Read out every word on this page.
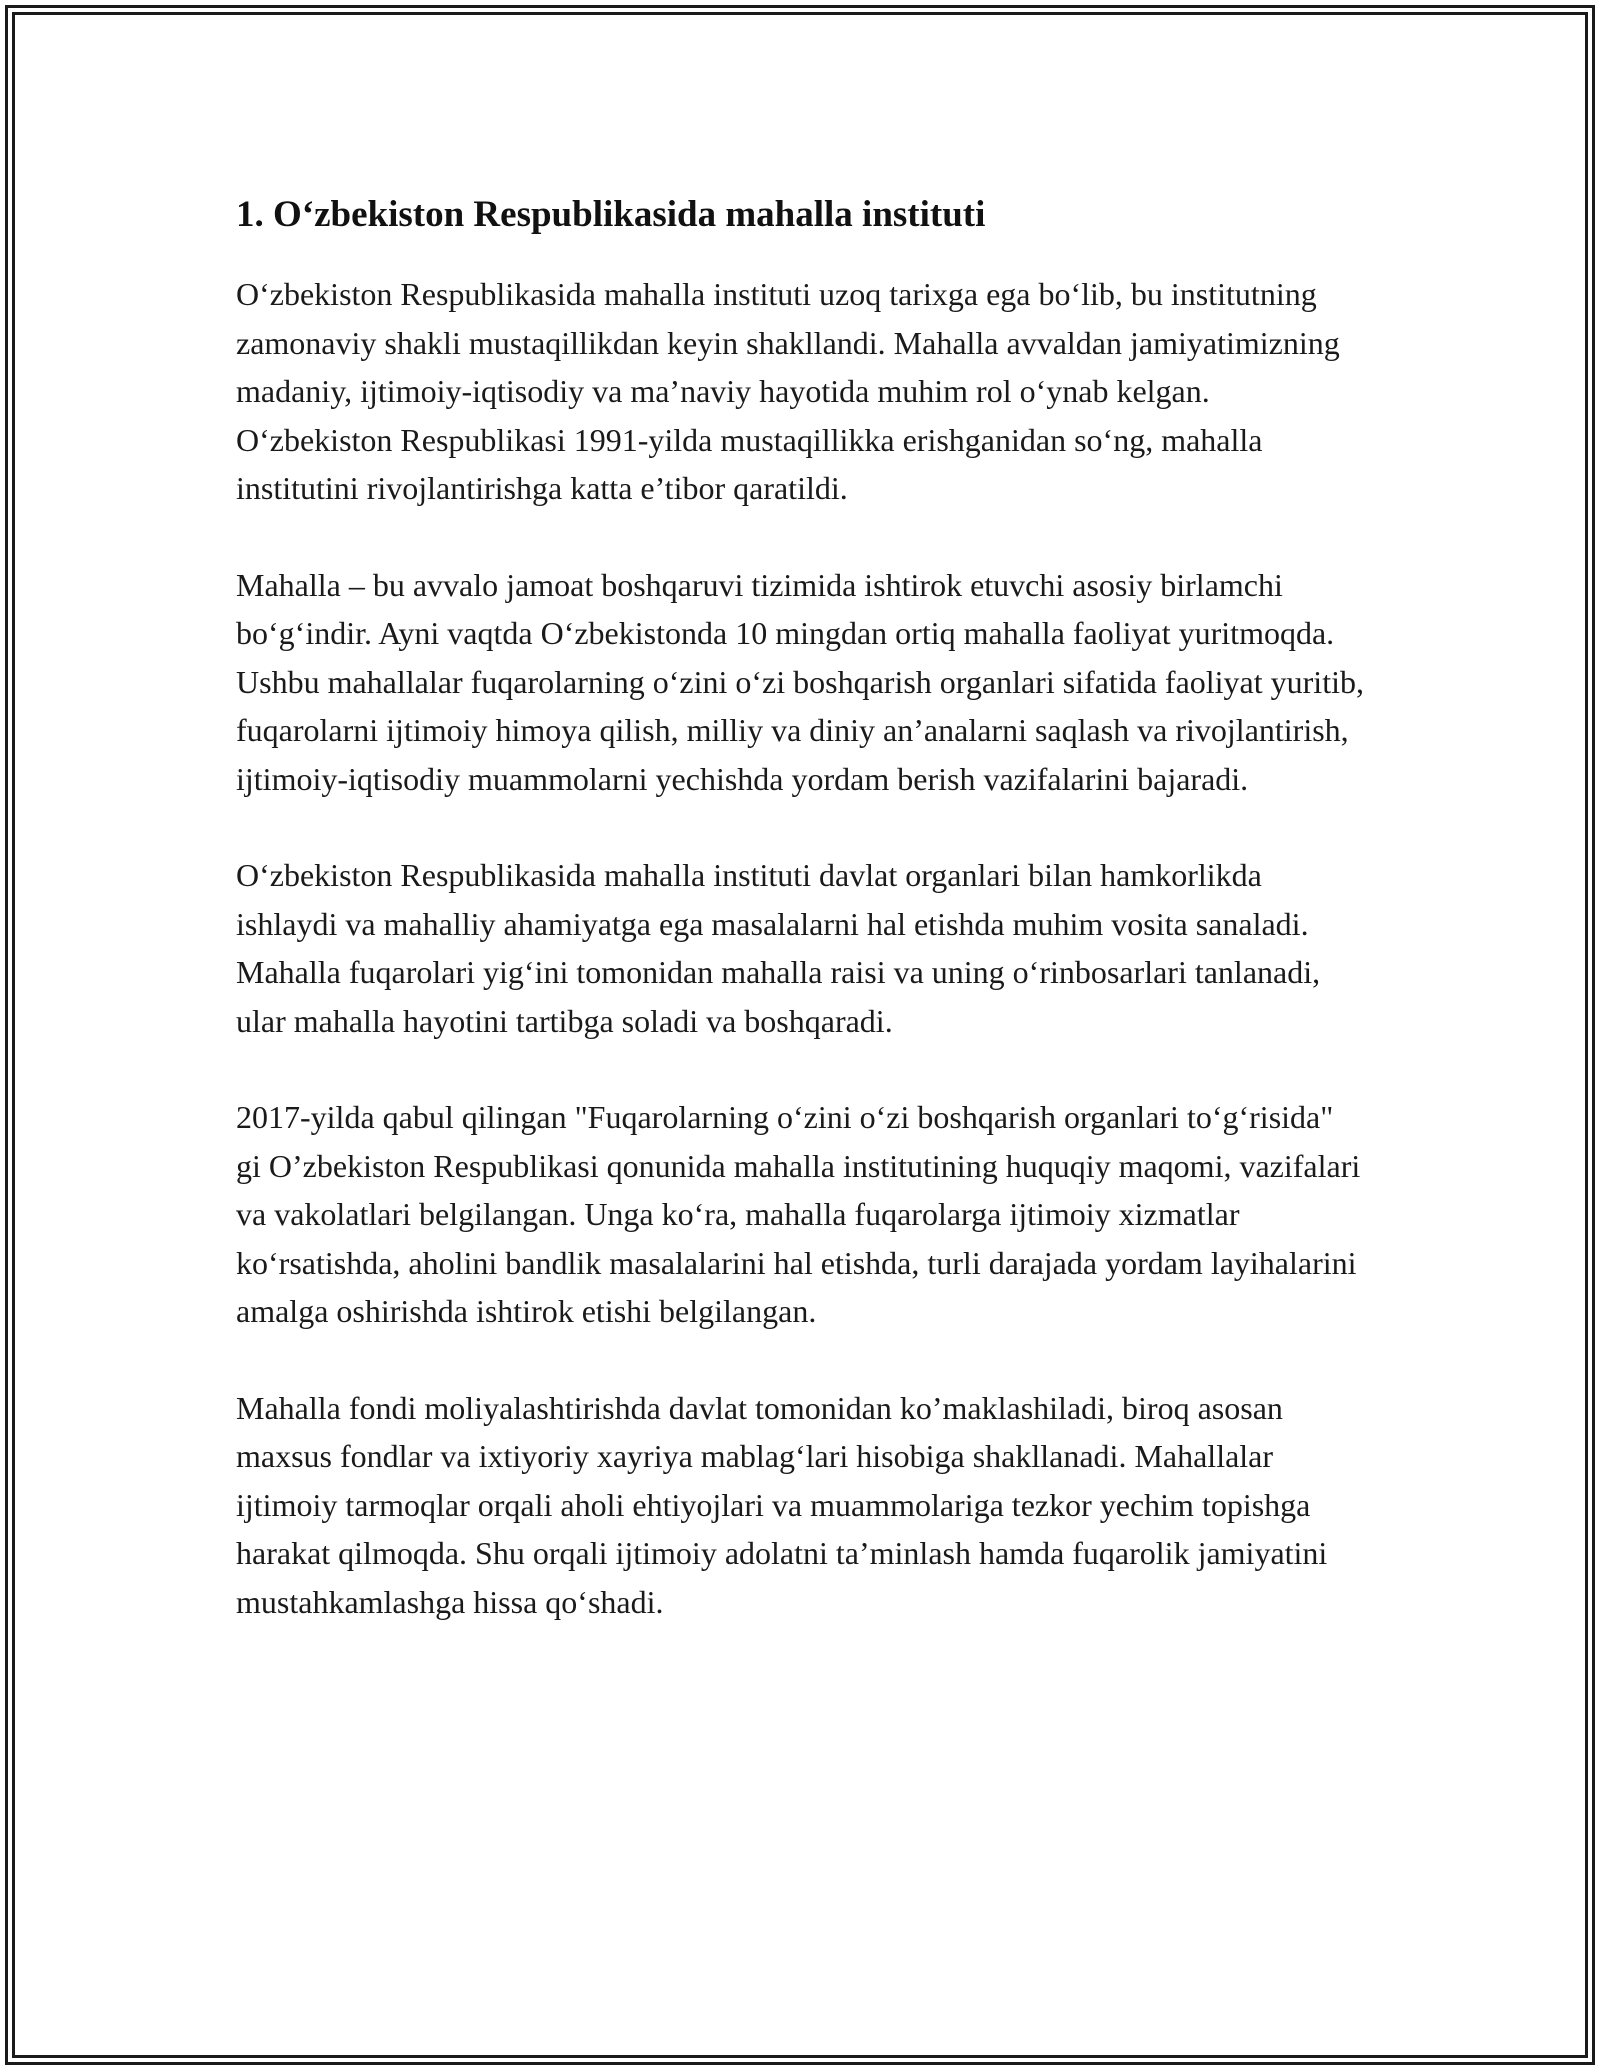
1. O‘zbekiston Respublikasida mahalla instituti

O‘zbekiston Respublikasida mahalla instituti uzoq tarixga ega bo‘lib, bu institutning zamonaviy shakli mustaqillikdan keyin shakllandi. Mahalla avvaldan jamiyatimizning madaniy, ijtimoiy-iqtisodiy va ma’naviy hayotida muhim rol o‘ynab kelgan. O‘zbekiston Respublikasi 1991-yilda mustaqillikka erishganidan so‘ng, mahalla institutini rivojlantirishga katta e’tibor qaratildi.

Mahalla – bu avvalo jamoat boshqaruvi tizimida ishtirok etuvchi asosiy birlamchi bo‘g‘indir. Ayni vaqtda O‘zbekistonda 10 mingdan ortiq mahalla faoliyat yuritmoqda. Ushbu mahallalar fuqarolarning o‘zini o‘zi boshqarish organlari sifatida faoliyat yuritib, fuqarolarni ijtimoiy himoya qilish, milliy va diniy an’analarni saqlash va rivojlantirish, ijtimoiy-iqtisodiy muammolarni yechishda yordam berish vazifalarini bajaradi.

O‘zbekiston Respublikasida mahalla instituti davlat organlari bilan hamkorlikda ishlaydi va mahalliy ahamiyatga ega masalalarni hal etishda muhim vosita sanaladi. Mahalla fuqarolari yig‘ini tomonidan mahalla raisi va uning o‘rinbosarlari tanlanadi, ular mahalla hayotini tartibga soladi va boshqaradi.

2017-yilda qabul qilingan "Fuqarolarning o‘zini o‘zi boshqarish organlari to‘g‘risida" gi O’zbekiston Respublikasi qonunida mahalla institutining huquqiy maqomi, vazifalari va vakolatlari belgilangan. Unga ko‘ra, mahalla fuqarolarga ijtimoiy xizmatlar ko‘rsatishda, aholini bandlik masalalarini hal etishda, turli darajada yordam layihalarini amalga oshirishda ishtirok etishi belgilangan.

Mahalla fondi moliyalashtirishda davlat tomonidan ko’maklashiladi, biroq asosan maxsus fondlar va ixtiyoriy xayriya mablag‘lari hisobiga shakllanadi. Mahallalar ijtimoiy tarmoqlar orqali aholi ehtiyojlari va muammolariga tezkor yechim topishga harakat qilmoqda. Shu orqali ijtimoiy adolatni ta’minlash hamda fuqarolik jamiyatini mustahkamlashga hissa qo‘shadi.
